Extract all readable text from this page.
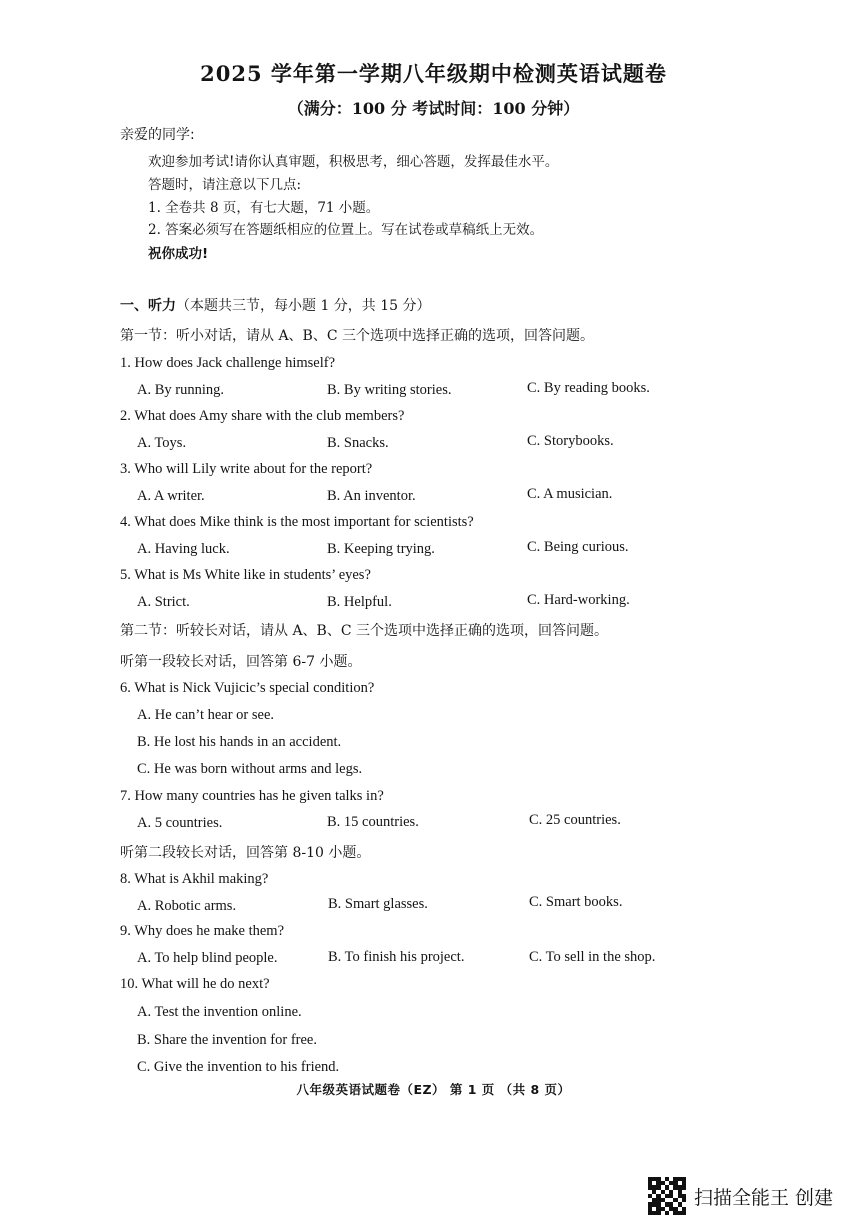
2025 学年第一学期八年级期中检测英语试题卷
（满分：100 分 考试时间：100 分钟）
亲爱的同学:
欢迎参加考试!请你认真审题，积极思考，细心答题，发挥最佳水平。
答题时，请注意以下几点:
1. 全卷共 8 页，有七大题，71 小题。
2. 答案必须写在答题纸相应的位置上。写在试卷或草稿纸上无效。
祝你成功!
一、听力（本题共三节，每小题 1 分，共 15 分）
第一节：听小对话，请从 A、B、C 三个选项中选择正确的选项，回答问题。
1. How does Jack challenge himself?
A. By running.	B. By writing stories.	C. By reading books.
2. What does Amy share with the club members?
A. Toys.	B. Snacks.	C. Storybooks.
3. Who will Lily write about for the report?
A. A writer.	B. An inventor.	C. A musician.
4. What does Mike think is the most important for scientists?
A. Having luck.	B. Keeping trying.	C. Being curious.
5. What is Ms White like in students’ eyes?
A. Strict.	B. Helpful.	C. Hard-working.
第二节：听较长对话，请从 A、B、C 三个选项中选择正确的选项，回答问题。
听第一段较长对话，回答第 6-7 小题。
6. What is Nick Vujicic’s special condition?
A. He can’t hear or see.
B. He lost his hands in an accident.
C. He was born without arms and legs.
7. How many countries has he given talks in?
A. 5 countries.	B. 15 countries.	C. 25 countries.
听第二段较长对话，回答第 8-10 小题。
8. What is Akhil making?
A. Robotic arms.	B. Smart glasses.	C. Smart books.
9. Why does he make them?
A. To help blind people.	B. To finish his project.	C. To sell in the shop.
10. What will he do next?
A. Test the invention online.
B. Share the invention for free.
C. Give the invention to his friend.
八年级英语试题卷（EZ） 第 1 页 （共 8 页）
扫描全能王 创建
